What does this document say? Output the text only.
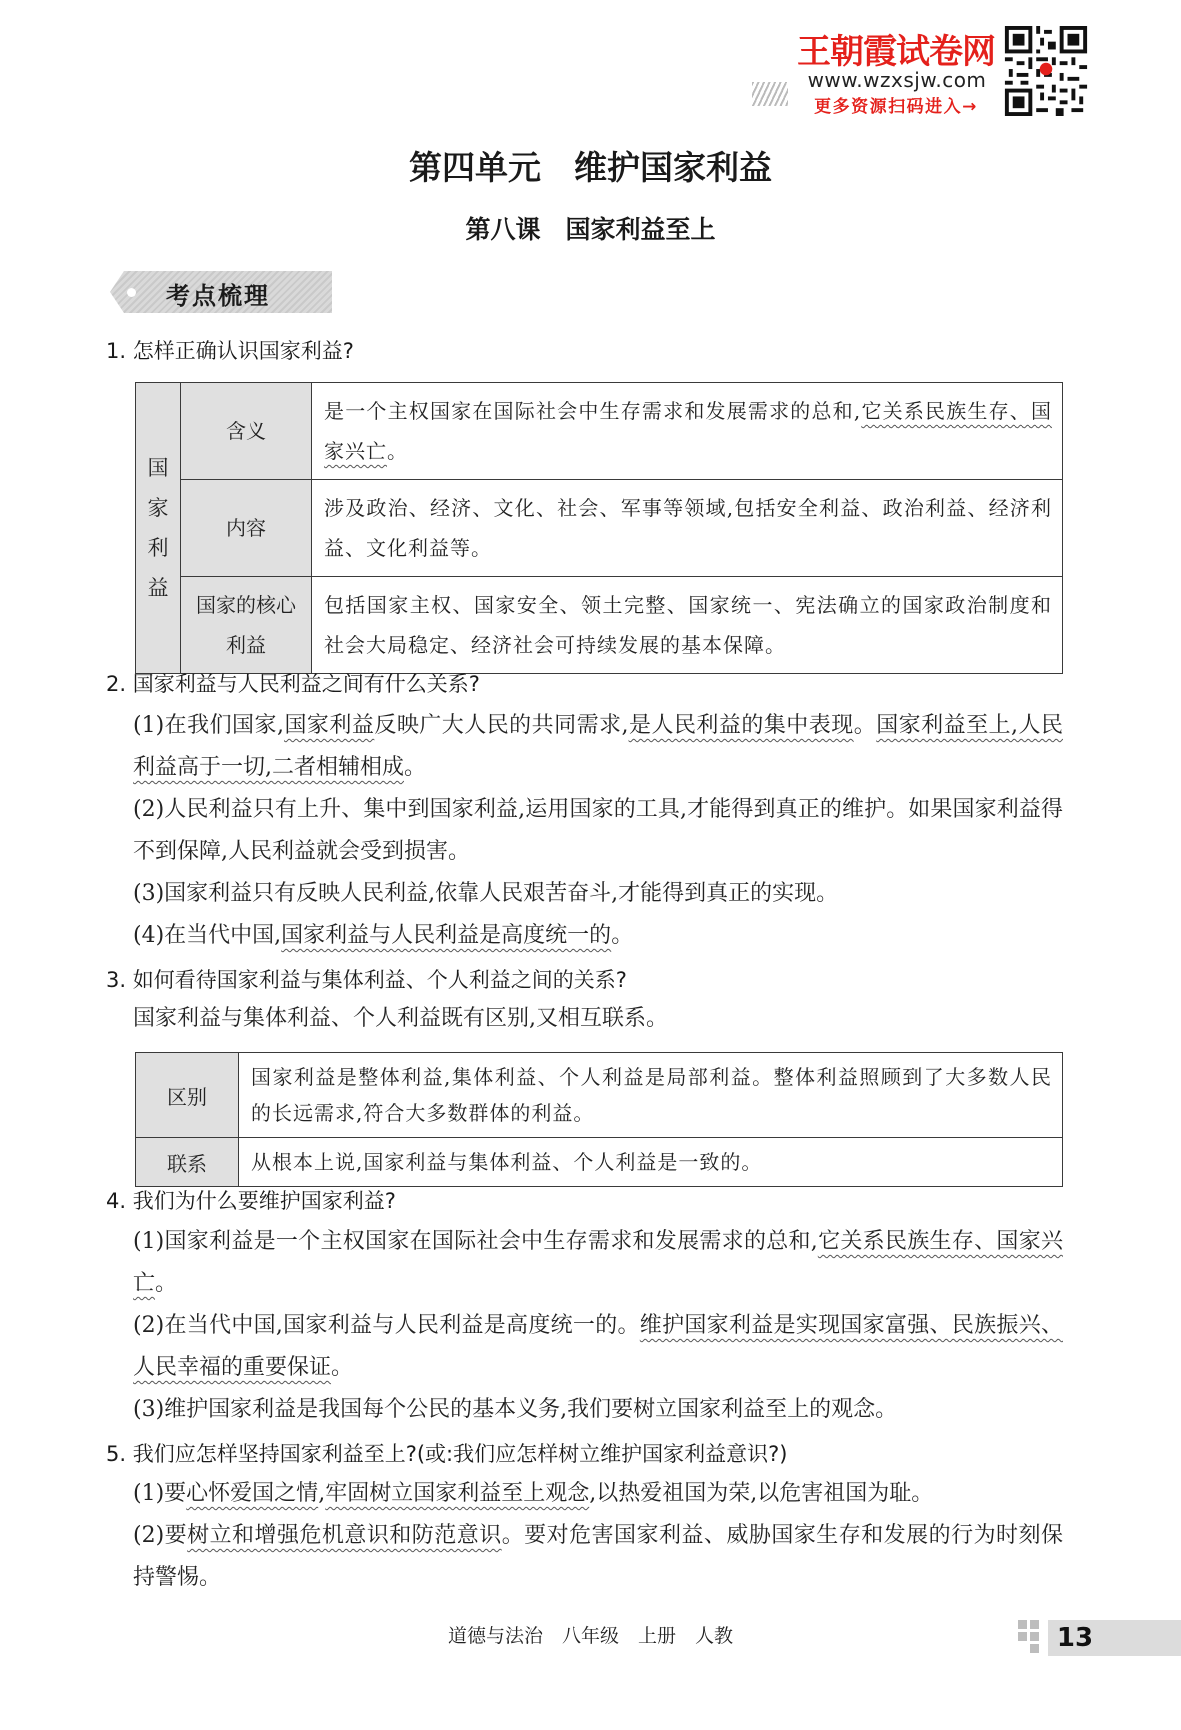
王朝霞试卷网
www.wzxsjw.com
更多资源扫码进入→
第四单元　维护国家利益
第八课　国家利益至上
考点梳理
1. 怎样正确认识国家利益?
国家利益	含义	是一个主权国家在国际社会中生存需求和发展需求的总和,它关系民族生存、国家兴亡。
	内容	涉及政治、经济、文化、社会、军事等领域,包括安全利益、政治利益、经济利益、文化利益等。
	国家的核心利益	包括国家主权、国家安全、领土完整、国家统一、宪法确立的国家政治制度和社会大局稳定、经济社会可持续发展的基本保障。
2. 国家利益与人民利益之间有什么关系?
(1)在我们国家,国家利益反映广大人民的共同需求,是人民利益的集中表现。国家利益至上,人民利益高于一切,二者相辅相成。
(2)人民利益只有上升、集中到国家利益,运用国家的工具,才能得到真正的维护。如果国家利益得不到保障,人民利益就会受到损害。
(3)国家利益只有反映人民利益,依靠人民艰苦奋斗,才能得到真正的实现。
(4)在当代中国,国家利益与人民利益是高度统一的。
3. 如何看待国家利益与集体利益、个人利益之间的关系?
国家利益与集体利益、个人利益既有区别,又相互联系。
区别	国家利益是整体利益,集体利益、个人利益是局部利益。整体利益照顾到了大多数人民的长远需求,符合大多数群体的利益。
联系	从根本上说,国家利益与集体利益、个人利益是一致的。
4. 我们为什么要维护国家利益?
(1)国家利益是一个主权国家在国际社会中生存需求和发展需求的总和,它关系民族生存、国家兴亡。
(2)在当代中国,国家利益与人民利益是高度统一的。维护国家利益是实现国家富强、民族振兴、人民幸福的重要保证。
(3)维护国家利益是我国每个公民的基本义务,我们要树立国家利益至上的观念。
5. 我们应怎样坚持国家利益至上?(或:我们应怎样树立维护国家利益意识?)
(1)要心怀爱国之情,牢固树立国家利益至上观念,以热爱祖国为荣,以危害祖国为耻。
(2)要树立和增强危机意识和防范意识。要对危害国家利益、威胁国家生存和发展的行为时刻保持警惕。
道德与法治　八年级　上册　人教	13
